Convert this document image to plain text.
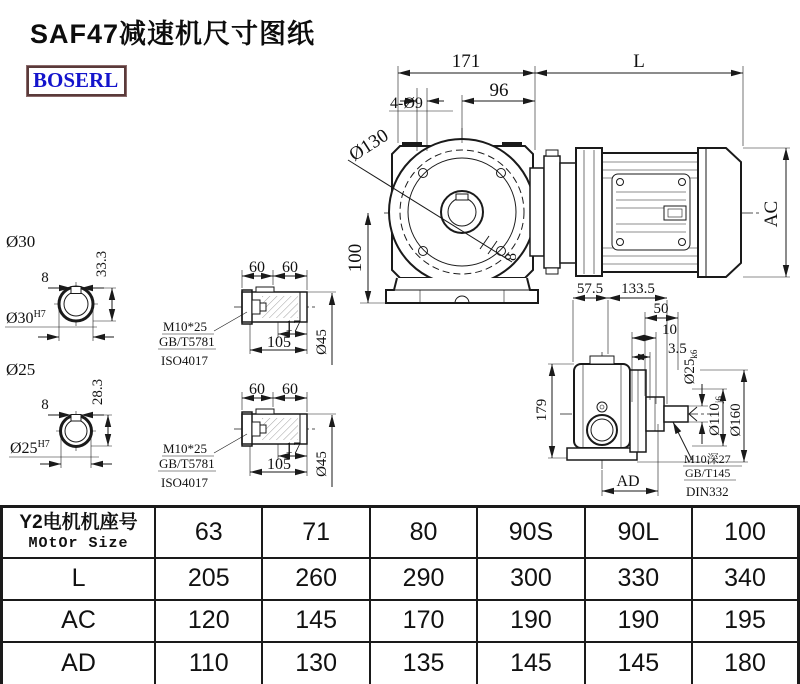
SAF47减速机尺寸图纸
BOSERL
Ø130
8
171	L
96
4-Ø9
100
AC
Ø30
8
33.3
$Ø30^{H7}$
Ø25
8	28.3
$Ø25^{H7}$
60 60
17
105 Ø45
M10*25
GB/T5781
ISO4017
57.5 133.5
50
10
3.5
Ø25k6
Ø110j6
Ø160
179
AD
M10深27
GB/T145
DIN332
Y2电机机座号
MOtOr Size	63	71	80	90S	90L	100
L	205	260	290	300	330	340
AC	120	145	170	190	190	195
AD	110	130	135	145	145	180
